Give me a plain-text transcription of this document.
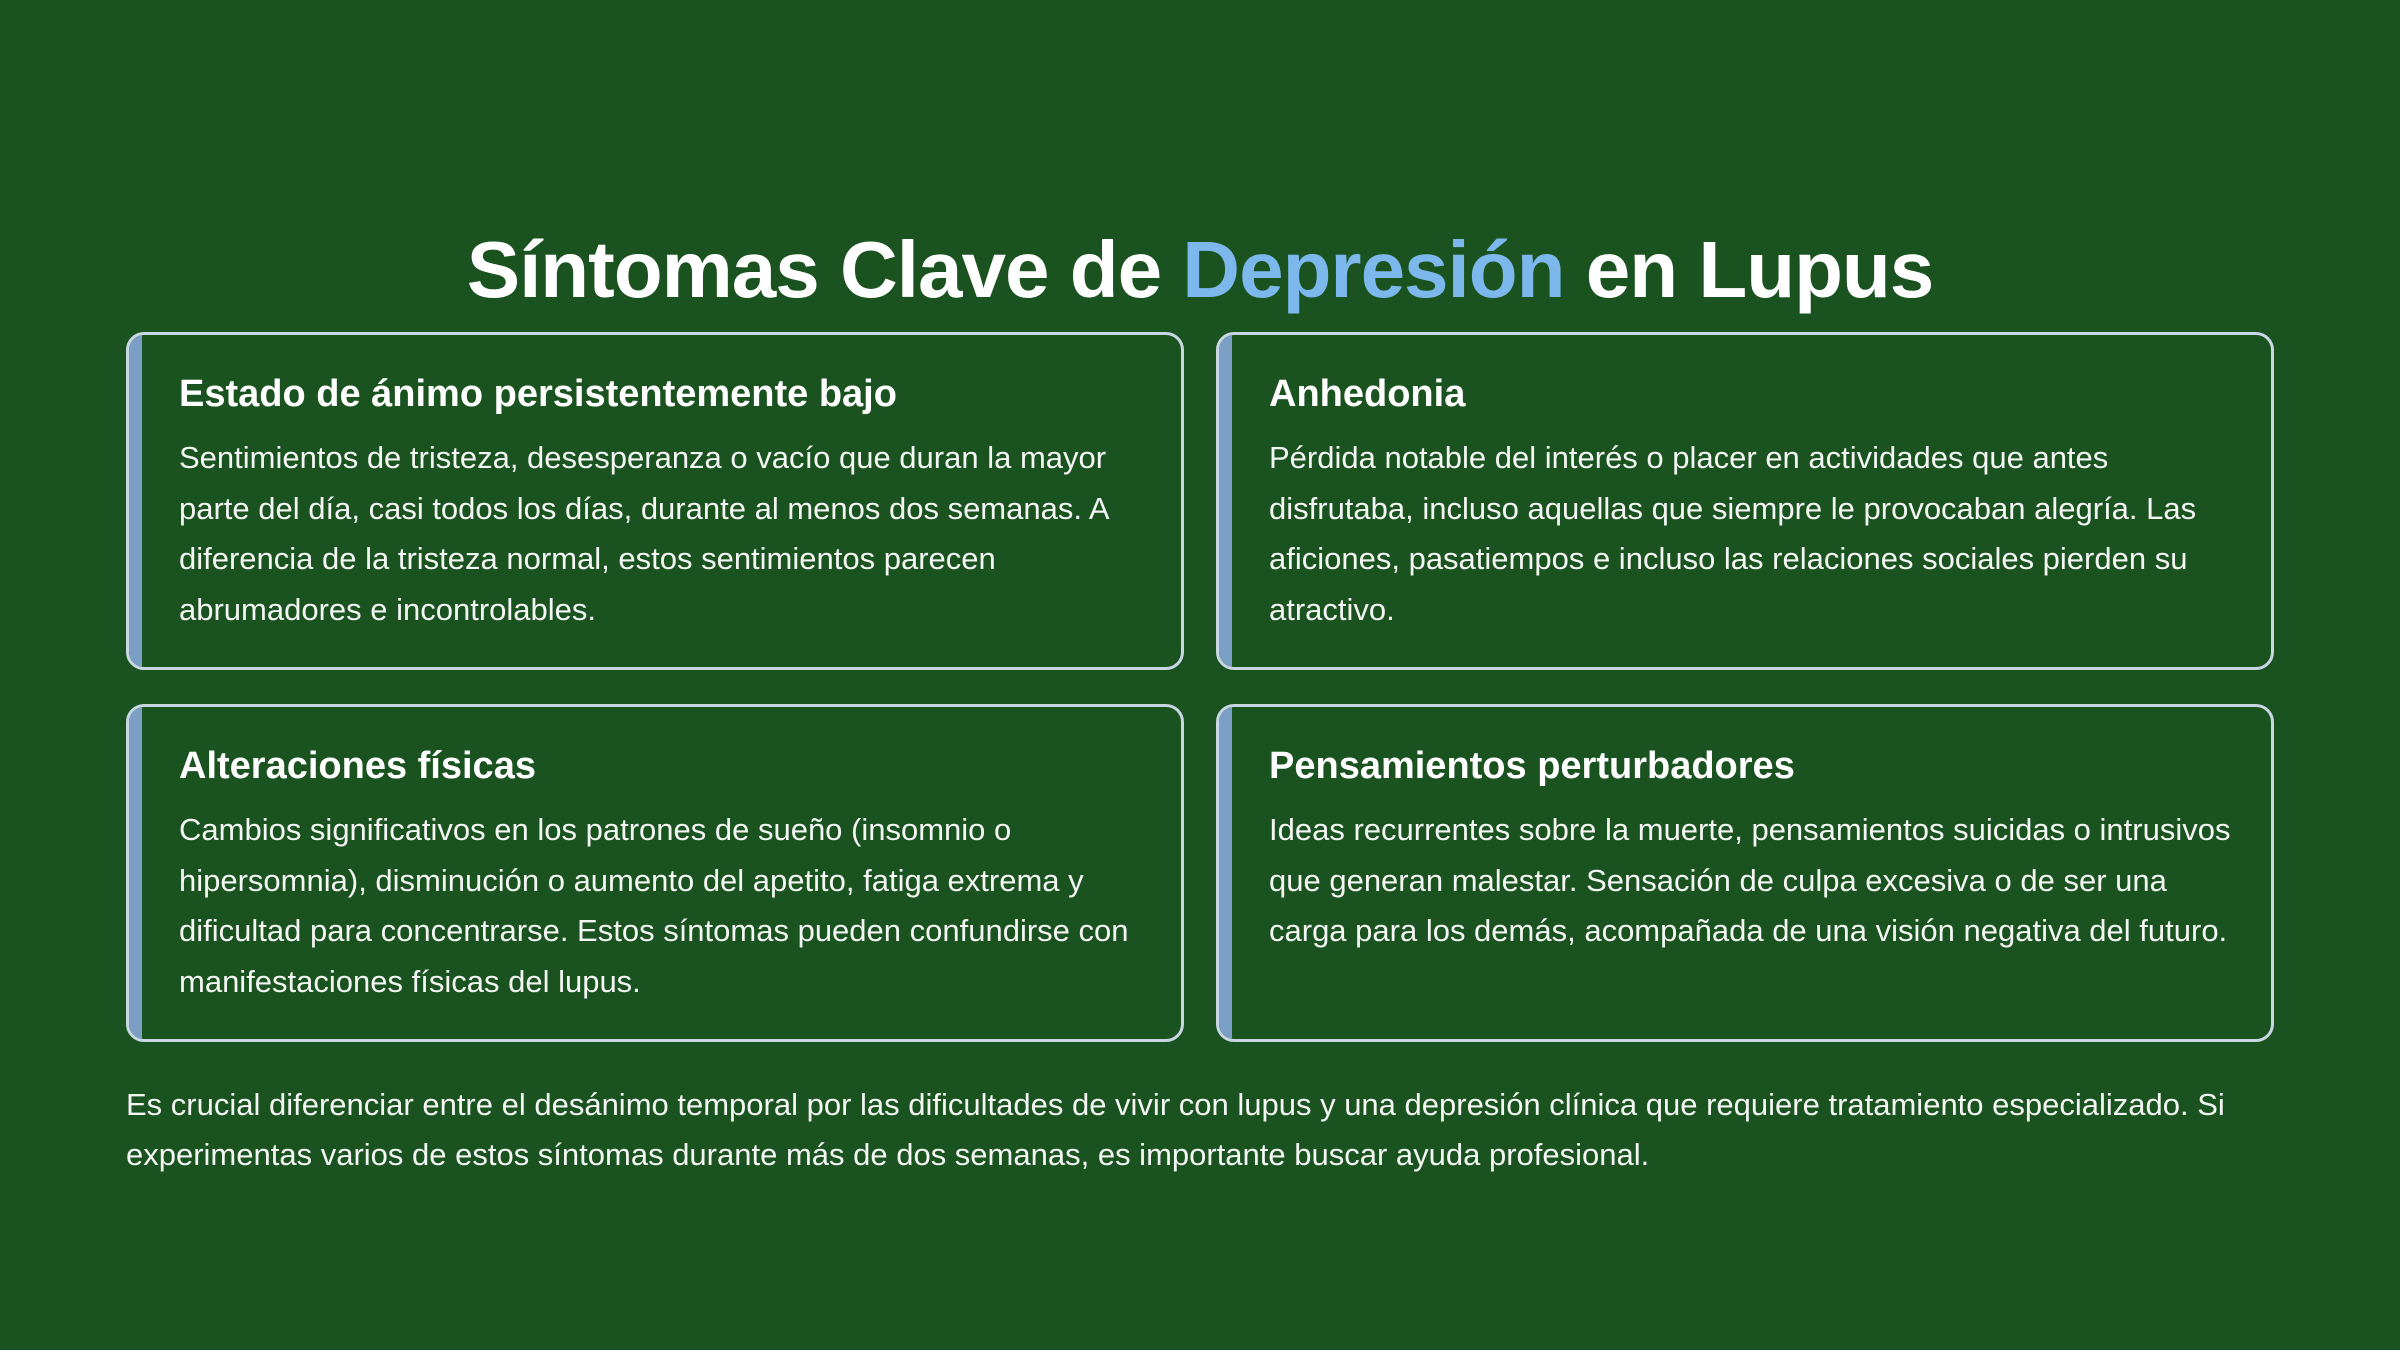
Síntomas Clave de Depresión en Lupus
Estado de ánimo persistentemente bajo

Sentimientos de tristeza, desesperanza o vacío que duran la mayor parte del día, casi todos los días, durante al menos dos semanas. A diferencia de la tristeza normal, estos sentimientos parecen abrumadores e incontrolables.

Anhedonia

Pérdida notable del interés o placer en actividades que antes disfrutaba, incluso aquellas que siempre le provocaban alegría. Las aficiones, pasatiempos e incluso las relaciones sociales pierden su atractivo.

Alteraciones físicas

Cambios significativos en los patrones de sueño (insomnio o hipersomnia), disminución o aumento del apetito, fatiga extrema y dificultad para concentrarse. Estos síntomas pueden confundirse con manifestaciones físicas del lupus.

Pensamientos perturbadores

Ideas recurrentes sobre la muerte, pensamientos suicidas o intrusivos que generan malestar. Sensación de culpa excesiva o de ser una carga para los demás, acompañada de una visión negativa del futuro.

Es crucial diferenciar entre el desánimo temporal por las dificultades de vivir con lupus y una depresión clínica que requiere tratamiento especializado. Si experimentas varios de estos síntomas durante más de dos semanas, es importante buscar ayuda profesional.
